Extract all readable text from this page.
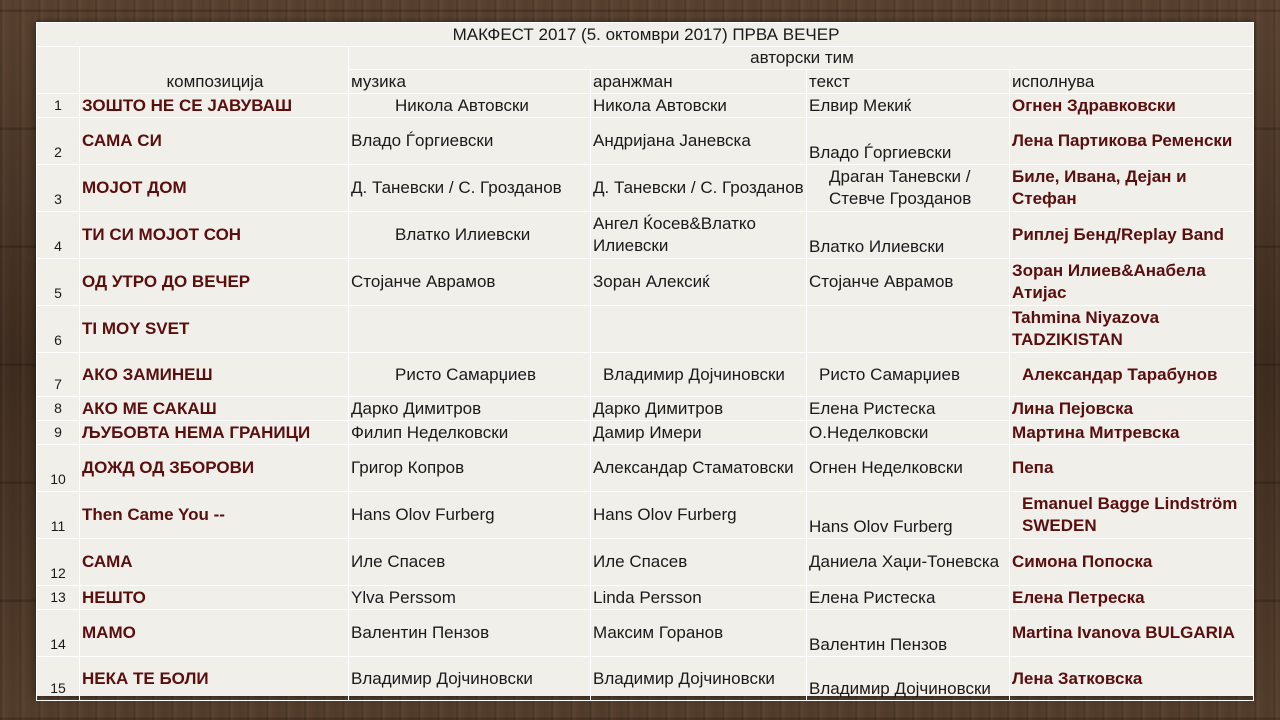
МАКФЕСТ 2017 (5. октомври 2017) ПРВА ВЕЧЕР					
	композиција	авторски тим			
		музика	аранжман	текст	исполнува
1	ЗОШТО НЕ СЕ ЈАВУВАШ	Никола Автовски	Никола Автовски	Елвир Мекиќ	Огнен Здравковски
2	САМА СИ	Владо Ѓоргиевски	Андријана Јаневска	Владо Ѓоргиевски	Лена Партикова Ременски
3	МОЈОТ ДОМ	Д. Таневски / С. Грозданов	Д. Таневски / С. Грозданов	Драган Таневски / Стевче Грозданов	Биле, Ивана, Дејан и Стефан
4	ТИ СИ МОЈОТ СОН	Влатко Илиевски	Ангел Ќосев&Влатко Илиевски	Влатко Илиевски	Риплеј Бенд/Replay Band
5	ОД УТРО ДО ВЕЧЕР	Стојанче Аврамов	Зоран Алексиќ	Стојанче Аврамов	Зоран Илиев&Анабела Атијас
6	TI MOY SVET				Tahmina Niyazova TADZIKISTAN
7	АКО ЗАМИНЕШ	Ристо Самарџиев	Владимир Дојчиновски	Ристо Самарџиев	Александар Тарабунов
8	АКО МЕ САКАШ	Дарко Димитров	Дарко Димитров	Елена Ристеска	Лина Пејовска
9	ЉУБОВТА НЕМА ГРАНИЦИ	Филип Неделковски	Дамир Имери	О.Неделковски	Мартина Митревска
10	ДОЖД ОД ЗБОРОВИ	Григор Копров	Александар Стаматовски	Огнен Неделковски	Пепа
11	Then Came You --	Hans Olov Furberg	Hans Olov Furberg	Hans Olov Furberg	Emanuel Bagge Lindström SWEDEN
12	САМА	Иле Спасев	Иле Спасев	Даниела Хаџи-Тоневска	Симона Попоска
13	НЕШТО	Ylva Perssom	Linda Persson	Елена Ристеска	Елена Петреска
14	МАМО	Валентин Пензов	Максим Горанов	Валентин Пензов	Martina Ivanova BULGARIA
15	НЕКА ТЕ БОЛИ	Владимир Дојчиновски	Владимир Дојчиновски	Владимир Дојчиновски	Лена Затковска
